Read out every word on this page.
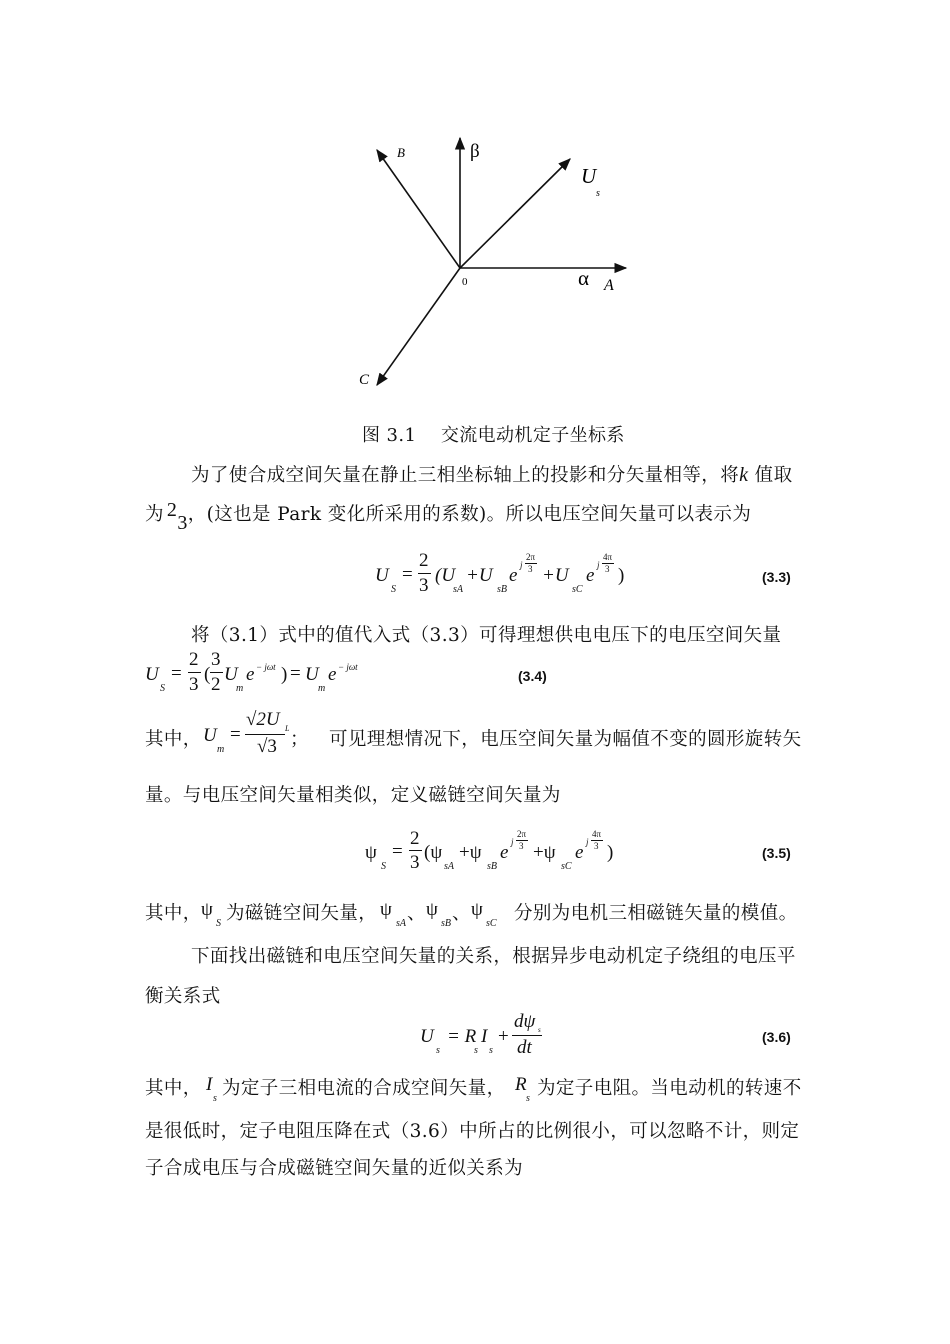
β
B
U
s
0	α A
C
图 3.1    交流电动机定子坐标系
为了使合成空间矢量在静止三相坐标轴上的投影和分矢量相等，将k 值取
为 23，(这也是 Park 变化所采用的系数)。所以电压空间矢量可以表示为
U
S
=
2
3 (U
sA
+U
sB
e j
2π
3 +U
sC
e j
4π
3 )	(3.3)
将（3.1）式中的值代入式（3.3）可得理想供电电压下的电压空间矢量
U
S
=
2
3 (
3
2 U
m
e − jωt ) = U
m
e − jωt
(3.4)
其中， U
m
=
√2U L
√3 ； 可见理想情况下，电压空间矢量为幅值不变的圆形旋转矢
量。与电压空间矢量相类似，定义磁链空间矢量为
ψ
S
=
2
3 (ψ
sA
+ψ
sB
e j
2π
3 +ψ
sC
e j
4π
3 )	(3.5)
其中， ψ
S 为磁链空间矢量， ψ
sA 、 ψ
sB 、 ψ
sC 分别为电机三相磁链矢量的模值。
下面找出磁链和电压空间矢量的关系，根据异步电动机定子绕组的电压平
衡关系式
U
s
= R
s
I
s
+
dψ s
dt	(3.6)
其中， I
s 为定子三相电流的合成空间矢量， R
s 为定子电阻。当电动机的转速不
是很低时，定子电阻压降在式（3.6）中所占的比例很小，可以忽略不计，则定
子合成电压与合成磁链空间矢量的近似关系为
